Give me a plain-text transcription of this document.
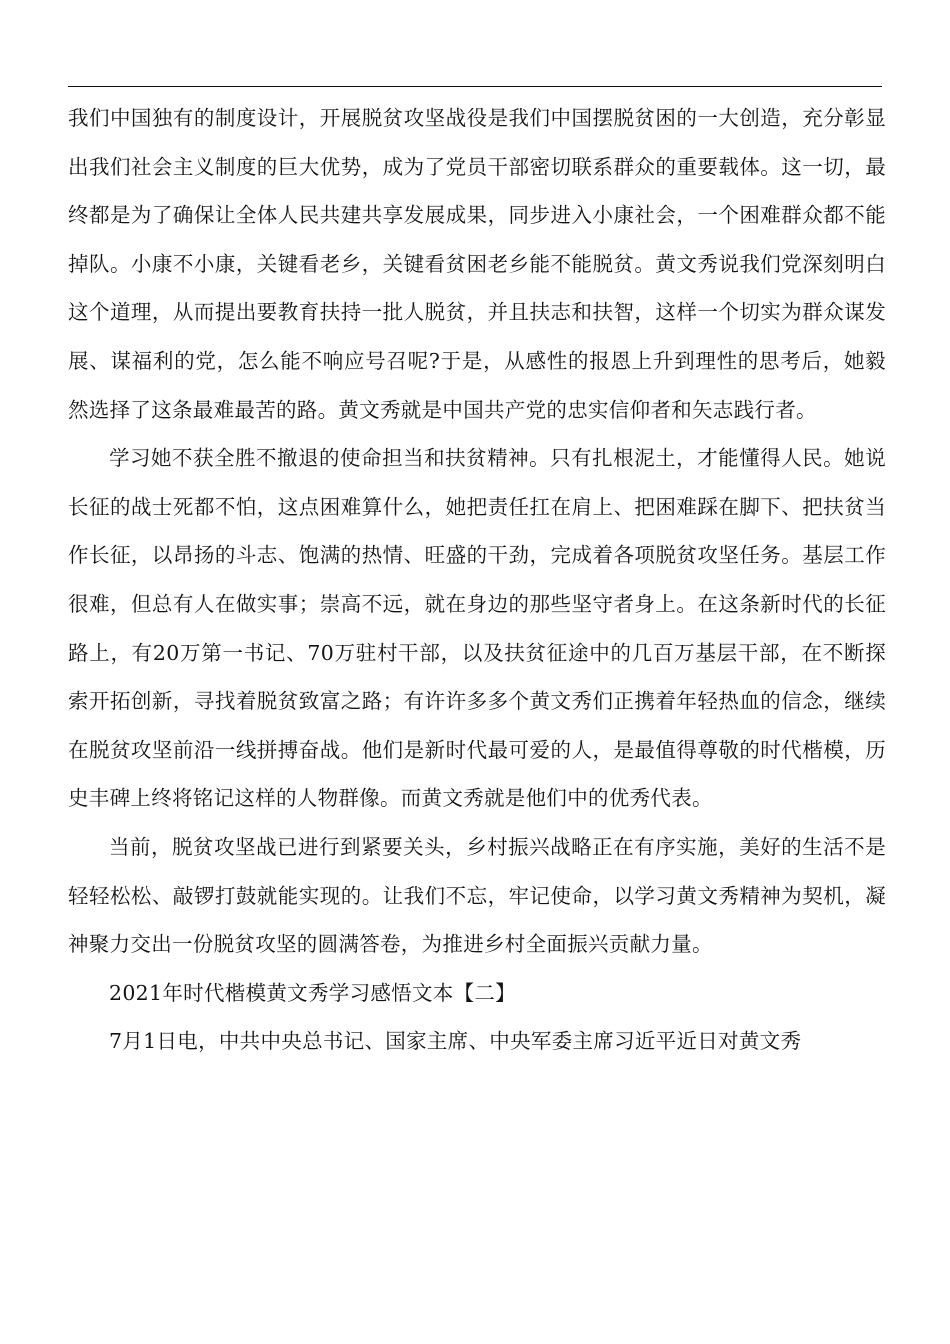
我们中国独有的制度设计，开展脱贫攻坚战役是我们中国摆脱贫困的一大创造，充分彰显出我们社会主义制度的巨大优势，成为了党员干部密切联系群众的重要载体。这一切，最终都是为了确保让全体人民共建共享发展成果，同步进入小康社会，一个困难群众都不能掉队。小康不小康，关键看老乡，关键看贫困老乡能不能脱贫。黄文秀说我们党深刻明白这个道理，从而提出要教育扶持一批人脱贫，并且扶志和扶智，这样一个切实为群众谋发展、谋福利的党，怎么能不响应号召呢?于是，从感性的报恩上升到理性的思考后，她毅然选择了这条最难最苦的路。黄文秀就是中国共产党的忠实信仰者和矢志践行者。

学习她不获全胜不撤退的使命担当和扶贫精神。只有扎根泥土，才能懂得人民。她说长征的战士死都不怕，这点困难算什么，她把责任扛在肩上、把困难踩在脚下、把扶贫当作长征，以昂扬的斗志、饱满的热情、旺盛的干劲，完成着各项脱贫攻坚任务。基层工作很难，但总有人在做实事；崇高不远，就在身边的那些坚守者身上。在这条新时代的长征路上，有20万第一书记、70万驻村干部，以及扶贫征途中的几百万基层干部，在不断探索开拓创新，寻找着脱贫致富之路；有许许多多个黄文秀们正携着年轻热血的信念，继续在脱贫攻坚前沿一线拼搏奋战。他们是新时代最可爱的人，是最值得尊敬的时代楷模，历史丰碑上终将铭记这样的人物群像。而黄文秀就是他们中的优秀代表。

当前，脱贫攻坚战已进行到紧要关头，乡村振兴战略正在有序实施，美好的生活不是轻轻松松、敲锣打鼓就能实现的。让我们不忘，牢记使命，以学习黄文秀精神为契机，凝神聚力交出一份脱贫攻坚的圆满答卷，为推进乡村全面振兴贡献力量。

2021年时代楷模黄文秀学习感悟文本【二】

7月1日电，中共中央总书记、国家主席、中央军委主席习近平近日对黄文秀
